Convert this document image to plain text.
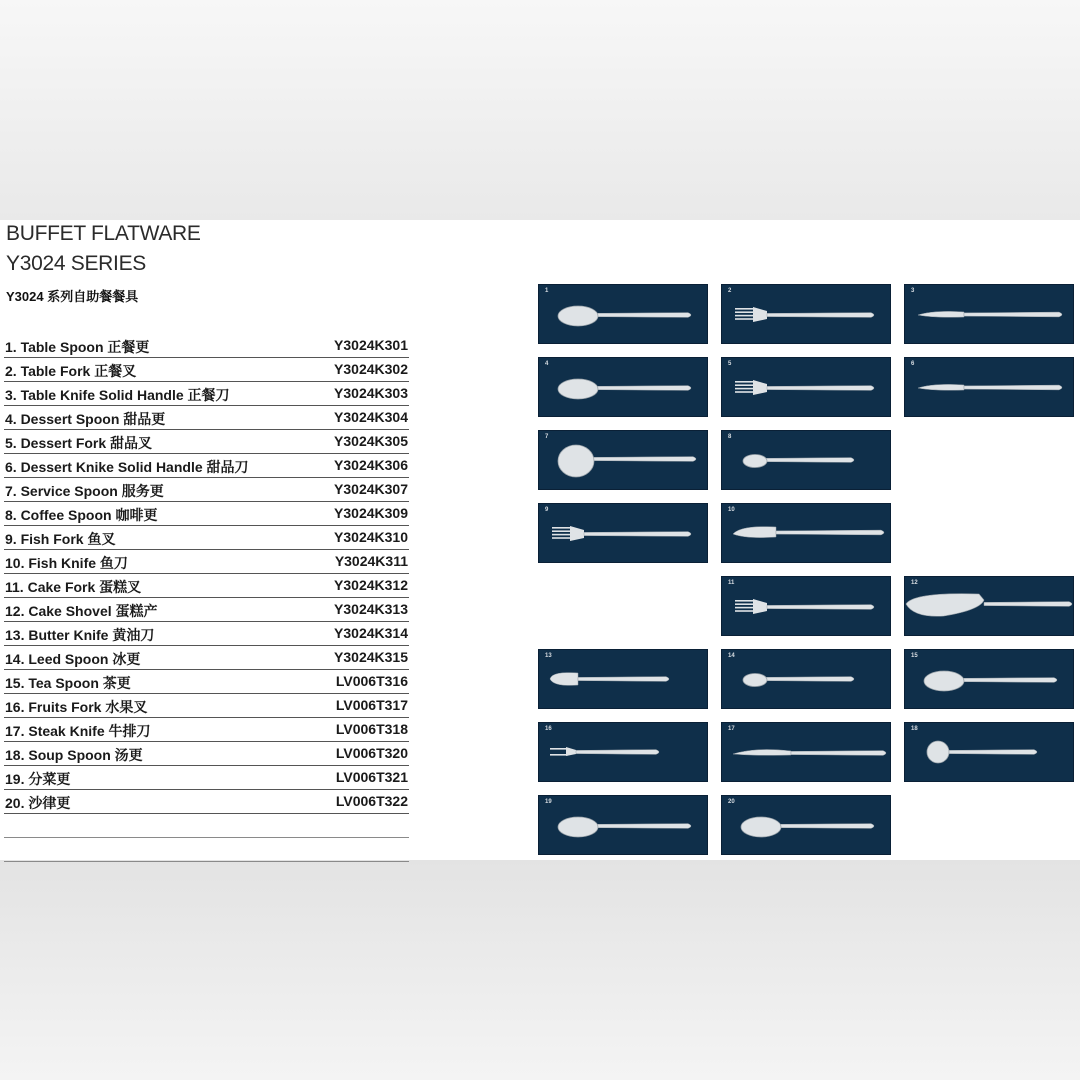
BUFFET FLATWARE
Y3024 SERIES
Y3024 系列自助餐餐具
1. Table Spoon 正餐更	Y3024K301
2. Table Fork 正餐叉	Y3024K302
3. Table Knife Solid Handle 正餐刀	Y3024K303
4. Dessert Spoon 甜品更	Y3024K304
5. Dessert Fork 甜品叉	Y3024K305
6. Dessert Knike Solid Handle 甜品刀	Y3024K306
7. Service Spoon 服务更	Y3024K307
8. Coffee Spoon 咖啡更	Y3024K309
9. Fish Fork 鱼叉	Y3024K310
10. Fish Knife 鱼刀	Y3024K311
11. Cake Fork 蛋糕叉	Y3024K312
12. Cake Shovel 蛋糕产	Y3024K313
13. Butter Knife 黄油刀	Y3024K314
14. Leed Spoon 冰更	Y3024K315
15. Tea Spoon 茶更	LV006T316
16. Fruits Fork 水果叉	LV006T317
17. Steak Knife 牛排刀	LV006T318
18. Soup Spoon 汤更	LV006T320
19. 分菜更	LV006T321
20. 沙律更	LV006T322
1	2	3
4	5	6
7	8
9	10
11	12
13	14	15
16	17	18
19	20
